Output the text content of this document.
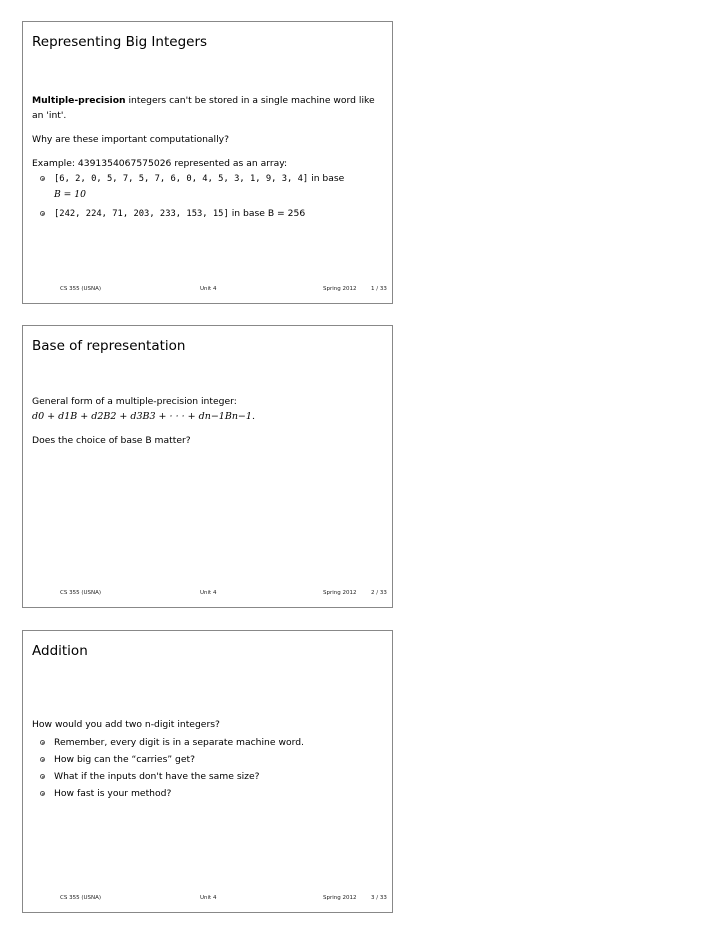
Representing Big Integers

Multiple-precision integers can't be stored in a single machine word like

an 'int'.

Why are these important computationally?

Example: 4391354067575026 represented as an array:

[6, 2, 0, 5, 7, 5, 7, 6, 0, 4, 5, 3, 1, 9, 3, 4] in base
B = 10
[242, 224, 71, 203, 233, 153, 15] in base B = 256
CS 355 (USNA)	Unit 4	Spring 2012	1 / 33
Base of representation

General form of a multiple-precision integer:

d0 + d1B + d2B2 + d3B3 + · · · + dn−1Bn−1.

Does the choice of base B matter?

CS 355 (USNA)	Unit 4	Spring 2012	2 / 33
Addition

How would you add two n-digit integers?

Remember, every digit is in a separate machine word.
How big can the “carries” get?
What if the inputs don't have the same size?
How fast is your method?
CS 355 (USNA)	Unit 4	Spring 2012	3 / 33
